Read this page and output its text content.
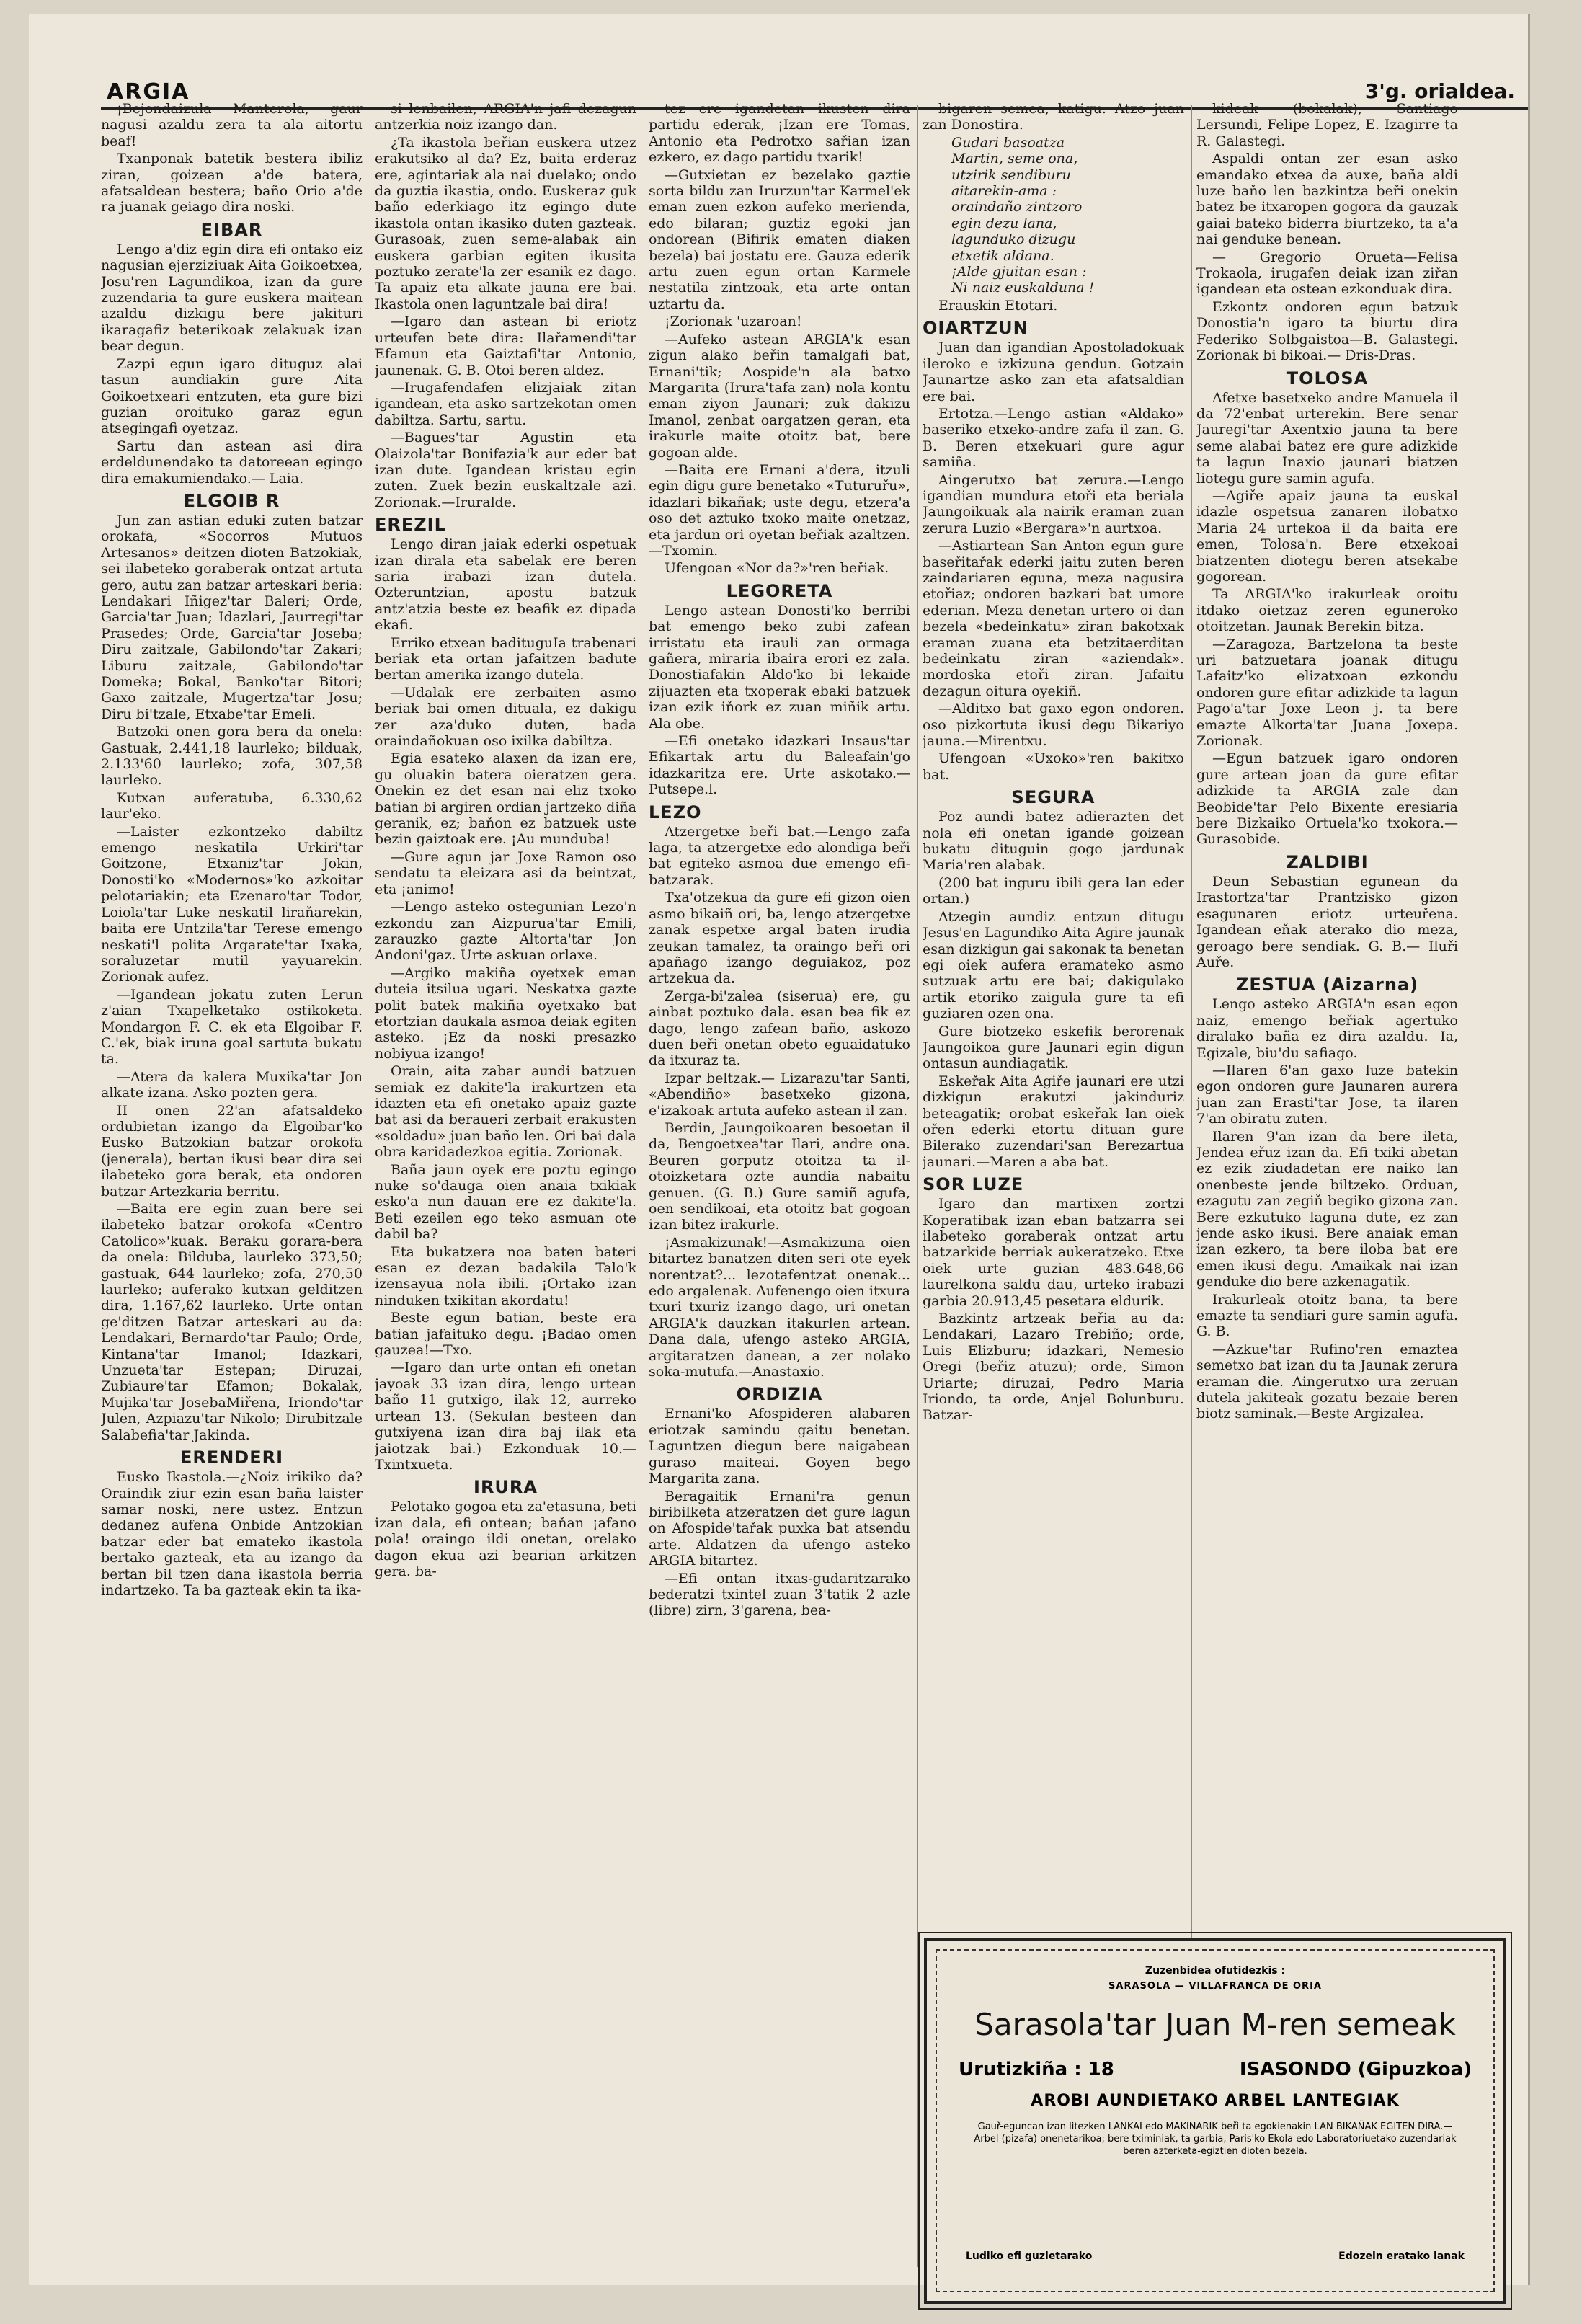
ARGIA	3'g. orialdea.

¡Bejondaizula Manterola, gaur nagusi azaldu zera ta ala aitortu beaf!

Txanponak batetik bestera ibiliz ziran, goizean a'de batera, afatsaldean bestera; baño Orio a'de ra juanak geiago dira noski.

EIBAR

Lengo a'diz egin dira efi ontako eiz nagusian ejerziziuak Aita Goikoetxea, Josu'ren Lagundikoa, izan da gure zuzendaria ta gure euskera maitean azaldu dizkigu bere jakituri ikaragafiz beterikoak zelakuak izan bear degun.

Zazpi egun igaro dituguz alai tasun aundiakin gure Aita Goikoetxeari entzuten, eta gure bizi guzian oroituko garaz egun atsegingafi oyetzaz.

Sartu dan astean asi dira erdeldunendako ta datoreean egingo dira emakumiendako.— Laia.

ELGOIB R

Jun zan astian eduki zuten batzar orokafa, «Socorros Mutuos Artesanos» deitzen dioten Batzokiak, sei ilabeteko goraberak ontzat artuta gero, autu zan batzar arteskari beria: Lendakari Iñigez'tar Baleri; Orde, Garcia'tar Juan; Idazlari, Jaurregi'tar Prasedes; Orde, Garcia'tar Joseba; Diru zaitzale, Gabilondo'tar Zakari; Liburu zaitzale, Gabilondo'tar Domekа; Bokal, Banko'tar Bitori; Gaxo zaitzale, Mugertza'tar Josu; Diru bi'tzale, Etxabe'tar Emeli.

Batzoki onen gora bera da onela: Gastuak, 2.441,18 laurleko; bilduak, 2.133'60 laurleko; zofa, 307,58 laurleko.

Kutxan auferatuba, 6.330,62 laur'eko.

—Laister ezkontzeko dabiltz emengo neskatila Urkiri'tar Goitzone, Etxaniz'tar Jokin, Donosti'ko «Modernos»'ko azkoitar pelotariakin; eta Ezenaro'tar Todor, Loiola'tar Luke neskatil liraňarekin, baita ere Untzila'tar Terese emengo neskati'l polita Argarate'tar Ixaka, soraluzetar mutil yayuarekin. Zorionak aufez.

—Igandean jokatu zuten Lerun z'aian Txapelketako ostikoketa. Mondargon F. C. ek eta Elgoibar F. C.'ek, biak iruna goal sartuta bukatu ta.

—Atera da kalera Muxika'tar Jon alkate izana. Asko pozten gera.

II onen 22'an afatsaldeko ordubietan izango da Elgoibar'ko Eusko Batzokian batzar orokofa (jenerala), bertan ikusi bear dira sei ilabeteko gora berak, eta ondoren batzar Artezkaria berritu.

—Baita ere egin zuan bere sei ilabeteko batzar orokofa «Centro Catolico»'kuak. Beraku gorara-bera da onela: Bilduba, laurleko 373,50; gastuak, 644 laurleko; zofa, 270,50 laurleko; auferako kutxan gelditzen dira, 1.167,62 laurleko. Urte ontan ge'ditzen Batzar arteskari au da: Lendakari, Bernardo'tar Paulo; Orde, Kintana'tar Imanol; Idazkari, Unzueta'tar Estepan; Diruzai, Zubiaure'tar Efamon; Bokalak, Mujika'tar JosebaMiřena, Iriondo'tar Julen, Azpiazu'tar Nikolo; Dirubitzale Salabefia'tar Jakinda.

ERENDERI

Eusko Ikastola.—¿Noiz irikiko da? Oraindik ziur ezin esan baña laister samar noski, nere ustez. Entzun dedanez aufena Onbide Antzokian batzar eder bat emateko ikastola bertako gazteak, eta au izango da bertan bil tzen dana ikastola berria indartzeko. Ta ba gazteak ekin ta ika-

si lenbailen, ARGIA'n jafi dezagun antzerkia noiz izango dan.

¿Ta ikastola beřian euskera utzez erakutsiko al da? Ez, baita erderaz ere, agintariak ala nai duelako; ondo da guztia ikastia, ondo. Euskeraz guk baño ederkiago itz egingo dute ikastola ontan ikasiko duten gazteak. Gurasoak, zuen seme-alabak ain euskera garbian egiten ikusita poztuko zerate'la zer esanik ez dago. Ta apaiz eta alkate jauna ere bai. Ikastola onen laguntzale bai dira!

—Igaro dan astean bi eriotz urteufen bete dira: Ilařamendi'tar Efamun eta Gaiztafi'tar Antonio, jaunenak. G. B. Otoi beren aldez.

—Irugafendafen elizjaiak zitan igandean, eta asko sartzekotan omen dabiltza. Sartu, sartu.

—Bagues'tar Agustin eta Olaizola'tar Bonifazia'k aur eder bat izan dute. Igandean kristau egin zuten. Zuek bezin euskaltzale azi. Zorionak.—Iruralde.

EREZIL

Lengo diran jaiak ederki ospetuak izan dirala eta sabelak ere beren saria irabazi izan dutela. Ozteruntzian, apostu batzuk antz'atzia beste ez beafik ez dipada ekafi.

Erriko etxean badituguIa trabenari beriak eta ortan jafaitzen badute bertan amerika izango dutela.

—Udalak ere zerbaiten asmo beriak bai omen dituala, ez dakigu zer aza'duko duten, bada oraindañokuan oso ixilka dabiltza.

Egia esateko alaxen da izan ere, gu oluakin batera oieratzen gera. Onekin ez det esan nai eliz txoko batian bi argiren ordian jartzeko diña geranik, ez; baňon ez batzuek uste bezin gaiztoak ere. ¡Au munduba!

—Gure agun jar Joxe Ramon oso sendatu ta eleizara asi da beintzat, eta ¡animo!

—Lengo asteko ostegunian Lezo'n ezkondu zan Aizpurua'tar Emili, zarauzko gazte Altorta'tar Jon Andoni'gaz. Urte askuan orlaxe.

—Argiko makiña oyetxek eman duteia itsilua ugari. Neskatxa gazte polit batek makiña oyetxako bat etortzian daukala asmoa deiak egiten asteko. ¡Ez da noski presazko nobiyua izango!

Orain, aita zabar aundi batzuen semiak ez dakite'la irakurtzen eta idazten eta efi onetako apaiz gazte bat asi da beraueri zerbait erakusten «soldadu» juan baño len. Ori bai dala obra karidadezkoa egitia. Zorionak.

Baña jaun oyek ere poztu egingo nuke so'dauga oien anaia txikiak esko'a nun dauan ere ez dakite'la. Beti ezeilen ego teko asmuan ote dabil ba?

Eta bukatzera noa baten bateri esan ez dezan badakila Talo'k izensayua nola ibili. ¡Ortako izan ninduken txikitan akordatu!

Beste egun batian, beste era batian jafaituko degu. ¡Badao omen gauzea!—Txo.

—Igaro dan urte ontan efi onetan jayoak 33 izan dira, lengo urtean baño 11 gutxigo, ilak 12, aurreko urtean 13. (Sekulan besteen dan gutxiyena izan dira baj ilak eta jaiotzak bai.) Ezkonduak 10.—Txintxueta.

IRURA

Pelotako gogoa eta za'etasuna, beti izan dala, efi ontean; baňan ¡afano pola! oraingo ildi onetan, orelako dagon ekua azi bearian arkitzen gera. ba-

tez ere igandetan ikusten dira partidu ederak, ¡Izan ere Tomas, Antonio eta Pedrotxo sařian izan ezkero, ez dago partidu txarik!

—Gutxietan ez bezelako gaztie sorta bildu zan Irurzun'tar Karmel'ek eman zuen ezkon aufeko merienda, edo bilaran; guztiz egoki jan ondorean (Bifirik ematen diaken bezela) bai jostatu ere. Gauza ederik artu zuen egun ortan Karmele nestatila zintzoak, eta arte ontan uztartu da.

¡Zorionak 'uzaroan!

—Aufeko astean ARGIA'k esan zigun alako beřin tamalgafi bat, Ernani'tik; Aospide'n ala batxo Margarita (Irura'tafa zan) nola kontu eman ziyon Jaunari; zuk dakizu Imanol, zenbat oargatzen geran, eta irakurle maite otoitz bat, bere gogoan alde.

—Baita ere Ernani a'dera, itzuli egin digu gure benetako «Tuturuřu», idazlari bikañak; uste degu, etzera'a oso det aztuko txoko maite onetzaz, eta jardun ori oyetan beřiak azaltzen.—Txomin.

Ufengoan «Nor da?»'ren beřiak.

LEGORETA

Lengo astean Donosti'ko berribi bat emengo beko zubi zafean irristatu eta irauli zan ormaga gañera, miraria ibaira erori ez zala. Donostiafakin Aldo'ko bi lekaide zijuazten eta txoperak ebaki batzuek izan ezik iňork ez zuan miñik artu. Ala obe.

—Efi onetako idazkari Insaus'tar Efikartak artu du Baleafain'go idazkaritza ere. Urte askotako.—Putsepe.l.

LEZO

Atzergetxe beři bat.—Lengo zafa laga, ta atzergetxe edo alondiga beři bat egiteko asmoa due emengo efi-batzarak.

Txa'otzekua da gure efi gizon oien asmo bikaiñ ori, ba, lengo atzergetxe zanak espetxe argal baten irudia zeukan tamalez, ta oraingo beři ori apañago izango deguiakoz, poz artzekua da.

Zerga-bi'zalea (siserua) ere, gu ainbat poztuko dala. esan bea fik ez dago, lengo zafean baño, askozo duen beři onetan obeto eguaidatuko da itxuraz ta.

Izpar beltzak.— Lizarazu'tar Santi, «Abendiño» basetxeko gizona, e'izakoak artuta aufeko astean il zan.

Berdin, Jaungoikoaren besoetan il da, Bengoetxea'tar Ilari, andre ona. Beuren gorputz otoitza ta il-otoizketara ozte aundia nabaitu genuen. (G. B.) Gure samiñ agufa, oen sendikoai, eta otoitz bat gogoan izan bitez irakurle.

¡Asmakizunak!—Asmakizuna oien bitartez banatzen diten seri ote eyek norentzat?... lezotafentzat onenak... edo argalenak. Aufenengo oien itxura txuri txuriz izango dago, uri onetan ARGIA'k dauzkan itakurlen artean. Dana dala, ufengo asteko ARGIA, argitaratzen danean, a zer nolako soka-mutufa.—Anastaxio.

ORDIZIA

Ernani'ko Afospideren alabaren eriotzak samindu gaitu benetan. Laguntzen diegun bere naigabean guraso maiteai. Goyen bego Margarita zana.

Beragaitik Ernani'ra genun biribilketa atzeratzen det gure lagun on Afospide'tařak puxka bat atsendu arte. Aldatzen da ufengo asteko ARGIA bitartez.

—Efi ontan itxas-gudaritzarako bederatzi txintel zuan 3'tatik 2 azle (libre) zirn, 3'garena, bea-

bigaren semea, katigu. Atzo juan zan Donostira.

Gudari basoatza
Martin, seme ona,
utzirik sendiburu
aitarekin-ama :
oraindaño zintzoro
egin dezu lana,
lagunduko dizugu
etxetik aldana.
¡Alde gjuitan esan :
Ni naiz euskalduna !

Erauskin Etotari.

OIARTZUN

Juan dan igandian Apostoladokuak ileroko e izkizuna gendun. Gotzain Jaunartze asko zan eta afatsaldian ere bai.

Ertotza.—Lengo astian «Aldako» baseriko etxeko-andre zafa il zan. G. B. Beren etxekuari gure agur samiña.

Aingerutxo bat zerura.—Lengo igandian mundura etoři eta beriala Jaungoikuak ala nairik eraman zuan zerura Luzio «Bergara»'n aurtxoa.

—Astiartean San Anton egun gure baseřitařak ederki jaitu zuten beren zaindariaren eguna, meza nagusira etořiaz; ondoren bazkari bat umore ederian. Meza denetan urtero oi dan bezela «bedeinkatu» ziran bakotxak eraman zuana eta betzitaerditan bedeinkatu ziran «aziendak». mordoska etoři ziran. Jafaitu dezagun oitura oyekiñ.

—Alditxo bat gaxo egon ondoren. oso pizkortuta ikusi degu Bikariyo jauna.—Mirentxu.

Ufengoan «Uxoko»'ren bakitxo bat.

SEGURA

Poz aundi batez adierazten det nola efi onetan igande goizean bukatu dituguin gogo jardunak Maria'ren alabak.

(200 bat inguru ibili gera lan eder ortan.)

Atzegin aundiz entzun ditugu Jesus'en Lagundiko Aita Agire jaunak esan dizkigun gai sakonak ta benetan egi oiek aufera eramateko asmo sutzuak artu ere bai; dakigulako artik etoriko zaigula gure ta efi guziaren ozen ona.

Gure biotzeko eskefik berorenak Jaungoikoa gure Jaunari egin digun ontasun aundiagatik.

Eskeřak Aita Agiře jaunari ere utzi dizkigun erakutzi jakinduriz beteagatik; orobat eskeřak lan oiek ořen ederki etortu dituan gure Bilerako zuzendari'san Berezartua jaunari.—Maren a aba bat.

SOR LUZE

Igaro dan martixen zortzi Koperatibak izan eban batzarra sei ilabeteko goraberak ontzat artu batzarkide berriak aukeratzeko. Etxe oiek urte guzian 483.648,66 laurelkona saldu dau, urteko irabazi garbia 20.913,45 pesetara eldurik.

Bazkintz artzeak beřia au da: Lendakari, Lazaro Trebiño; orde, Luis Elizburu; idazkari, Nemesio Oregi (beřiz atuzu); orde, Simon Uriarte; diruzai, Pedro Maria Iriondo, ta orde, Anjel Bolunburu. Batzar-

kideak (bokalak), Santiago Lersundi, Felipe Lopez, E. Izagirre ta R. Galastegi.

Aspaldi ontan zer esan asko emandako etxea da auxe, baña aldi luze baňo len bazkintza beři onekin batez be itxaropen gogora da gauzak gaiai bateko biderra biurtzeko, ta a'a nai genduke benean.

— Gregorio Orueta—Felisa Trokaola, irugafen deiak izan ziřan igandean eta ostean ezkonduak dira.

Ezkontz ondoren egun batzuk Donostia'n igaro ta biurtu dira Federiko Solbgaistoa—B. Galastegi. Zorionak bi bikoai.— Dris-Dras.

TOLOSA

Afetxe basetxeko andre Manuela il da 72'enbat urterekin. Bere senar Jauregi'tar Axentxio jauna ta bere seme alabai batez ere gure adizkide ta lagun Inaxio jaunari biatzen liotegu gure samin agufa.

—Agiře apaiz jauna ta euskal idazle ospetsua zanaren ilobatxo Maria 24 urtekoa il da baita ere emen, Tolosa'n. Bere etxekoai biatzenten diotegu beren atsekabe gogorean.

Ta ARGIA'ko irakurleak oroitu itdako oietzaz zeren eguneroko otoitzetan. Jaunak Berekin bitza.

—Zaragoza, Bartzelona ta beste uri batzuetara joanak ditugu Lafaitz'ko elizatxoan ezkondu ondoren gure efitar adizkide ta lagun Pago'a'tar Joxe Leon j. ta bere emazte Alkorta'tar Juana Joxepa. Zorionak.

—Egun batzuek igaro ondoren gure artean joan da gure efitar adizkide ta ARGIA zale dan Beobide'tar Pelo Bixente eresiaria bere Bizkaiko Ortuela'ko txokora.—Gurasobide.

ZALDIBI

Deun Sebastian egunean da Irastortza'tar Prantzisko gizon esagunaren eriotz urteuřena. Igandean eňak aterako dio meza, geroago bere sendiak. G. B.— Iluři Auře.

ZESTUA (Aizarna)

Lengo asteko ARGIA'n esan egon naiz, emengo beřiak agertuko diralako baña ez dira azaldu. Ia, Egizale, biu'du safiago.

—Ilaren 6'an gaxo luze batekin egon ondoren gure Jaunaren aurera juan zan Erasti'tar Jose, ta ilaren 7'an obiratu zuten.

Ilaren 9'an izan da bere ileta, Jendea eřuz izan da. Efi txiki abetan ez ezik ziudadetan ere naiko lan onenbeste jende biltzeko. Orduan, ezagutu zan zegiň begiko gizona zan. Bere ezkutuko laguna dute, ez zan jende asko ikusi. Bere anaiak eman izan ezkero, ta bere iloba bat ere emen ikusi degu. Amaikak nai izan genduke dio bere azkenagatik.

Irakurleak otoitz bana, ta bere emazte ta sendiari gure samin agufa. G. B.

—Azkue'tar Rufino'ren emaztea semetxo bat izan du ta Jaunak zerura eraman die. Aingerutxo ura zeruan dutela jakiteak gozatu bezaie beren biotz saminak.—Beste Argizalea.

Zuzenbidea ofutidezkis :
SARASOLA — VILLAFRANCA DE ORIA
Sarasola'tar Juan M-ren semeak
Urutizkiña : 18	ISASONDO (Gipuzkoa)
AROBI AUNDIETAKO ARBEL LANTEGIAK
Gauř-eguncan izan litezken LANKAI edo MAKINARIK beři ta egokienakin LAN BIKAÑAK EGITEN DIRA.—Arbel (pizafa) onenetarikoa; bere tximiniak, ta garbia, Paris'ko Ekola edo Laboratoriuetako zuzendariak beren azterketa-egiztien dioten bezela.
Ludiko efi guzietarako	Edozein eratako lanak
